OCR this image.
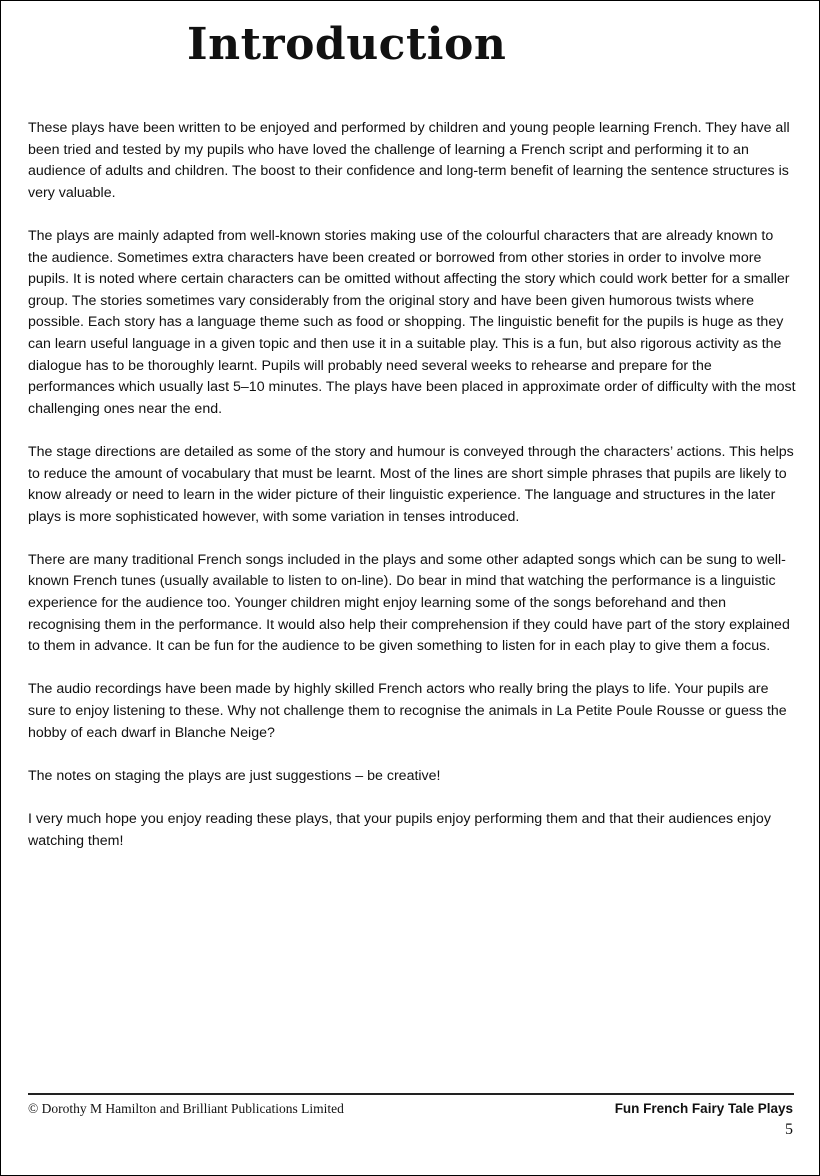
Introduction

These plays have been written to be enjoyed and performed by children and young people learning French. They have all been tried and tested by my pupils who have loved the challenge of learning a French script and performing it to an audience of adults and children. The boost to their confidence and long-term benefit of learning the sentence structures is very valuable.

The plays are mainly adapted from well-known stories making use of the colourful characters that are already known to the audience. Sometimes extra characters have been created or borrowed from other stories in order to involve more pupils. It is noted where certain characters can be omitted without affecting the story which could work better for a smaller group. The stories sometimes vary considerably from the original story and have been given humorous twists where possible. Each story has a language theme such as food or shopping. The linguistic benefit for the pupils is huge as they can learn useful language in a given topic and then use it in a suitable play. This is a fun, but also rigorous activity as the dialogue has to be thoroughly learnt. Pupils will probably need several weeks to rehearse and prepare for the performances which usually last 5–10 minutes. The plays have been placed in approximate order of difficulty with the most challenging ones near the end.

The stage directions are detailed as some of the story and humour is conveyed through the characters’ actions. This helps to reduce the amount of vocabulary that must be learnt. Most of the lines are short simple phrases that pupils are likely to know already or need to learn in the wider picture of their linguistic experience. The language and structures in the later plays is more sophisticated however, with some variation in tenses introduced.

There are many traditional French songs included in the plays and some other adapted songs which can be sung to well-known French tunes (usually available to listen to on-line). Do bear in mind that watching the performance is a linguistic experience for the audience too. Younger children might enjoy learning some of the songs beforehand and then recognising them in the performance. It would also help their comprehension if they could have part of the story explained to them in advance. It can be fun for the audience to be given something to listen for in each play to give them a focus.

The audio recordings have been made by highly skilled French actors who really bring the plays to life. Your pupils are sure to enjoy listening to these. Why not challenge them to recognise the animals in La Petite Poule Rousse or guess the hobby of each dwarf in Blanche Neige?

The notes on staging the plays are just suggestions – be creative!

I very much hope you enjoy reading these plays, that your pupils enjoy performing them and that their audiences enjoy watching them!

© Dorothy M Hamilton and Brilliant Publications Limited	Fun French Fairy Tale Plays
5
